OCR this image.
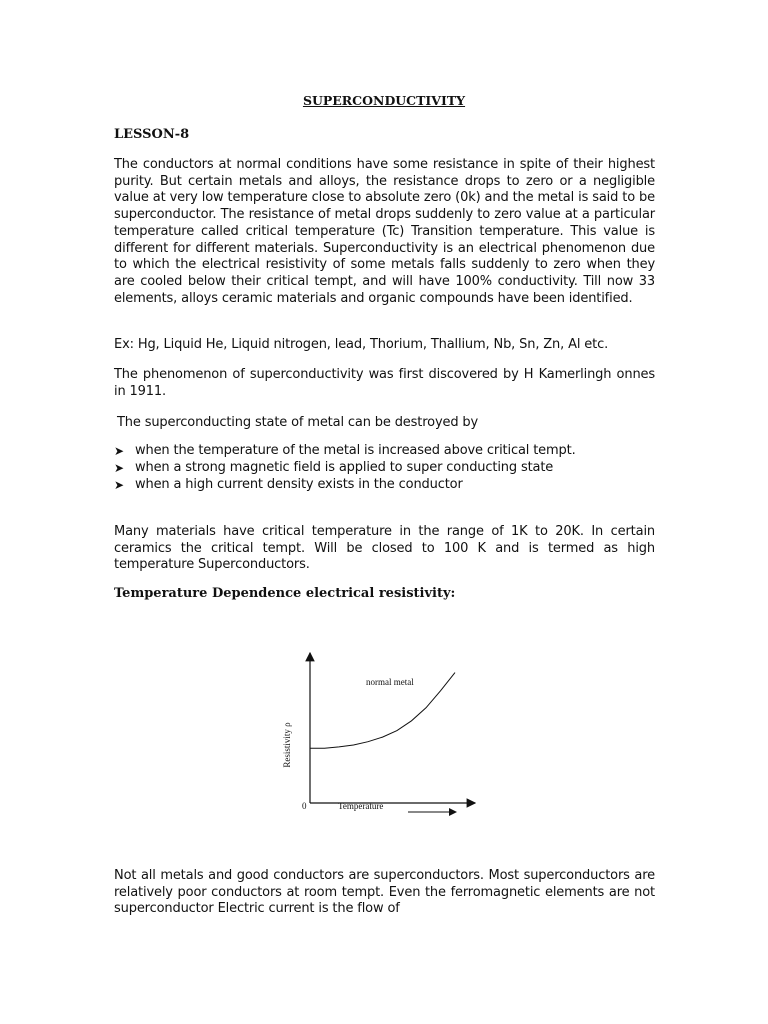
SUPERCONDUCTIVITY
LESSON-8
The conductors at normal conditions have some resistance in spite of their highest purity. But certain metals and alloys, the resistance drops to zero or a negligible value at very low temperature close to absolute zero (0k) and the metal is said to be superconductor. The resistance of metal drops suddenly to zero value at a particular temperature called critical temperature (Tc) Transition temperature. This value is different for different materials. Superconductivity is an electrical phenomenon due to which the electrical resistivity of some metals falls suddenly to zero when they are cooled below their critical tempt, and will have 100% conductivity. Till now 33 elements, alloys ceramic materials and organic compounds have been identified.
Ex: Hg, Liquid He, Liquid nitrogen, lead, Thorium, Thallium, Nb, Sn, Zn, Al etc.
The phenomenon of superconductivity was first discovered by H Kamerlingh onnes in 1911.
The superconducting state of metal can be destroyed by
➤ when the temperature of the metal is increased above critical tempt.
➤ when a strong magnetic field is applied to super conducting state
➤ when a high current density exists in the conductor
Many materials have critical temperature in the range of 1K to 20K. In certain ceramics the critical tempt. Will be closed to 100 K and is termed as high temperature Superconductors.
Temperature Dependence electrical resistivity:
normal metal
Resistivity ρ
Temperature
0
Not all metals and good conductors are superconductors. Most superconductors are relatively poor conductors at room tempt. Even the ferromagnetic elements are not superconductor Electric current is the flow of
